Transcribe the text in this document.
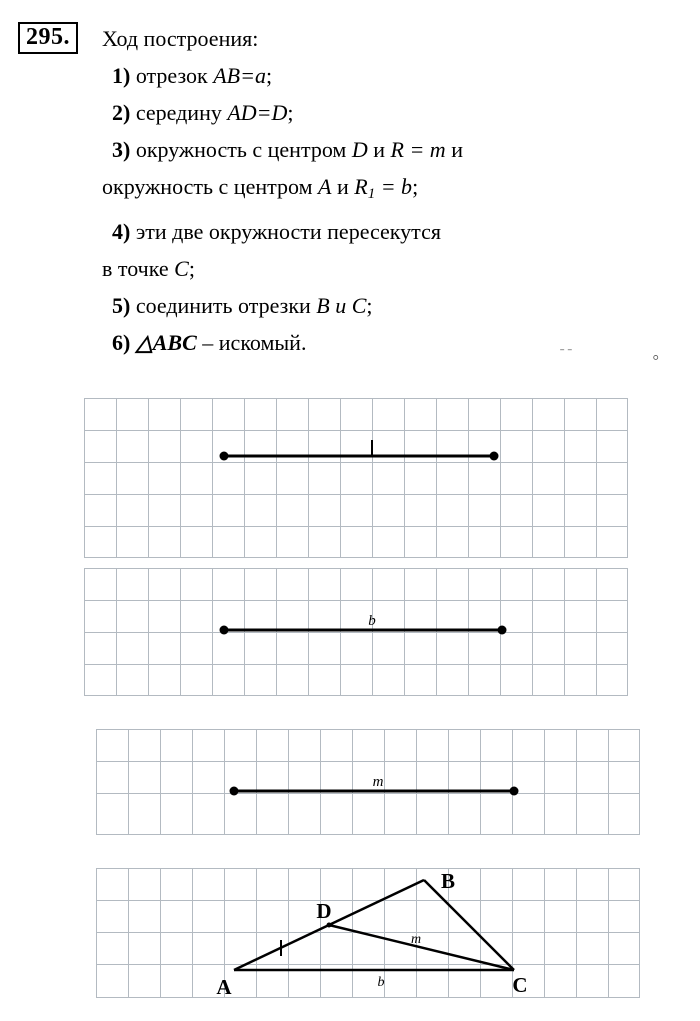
295.	Ход построения:
1) отрезок AB=a;
2) середину AD=D;
3) окружность с центром D и R = m и
окружность с центром A и $R_1 = b$;
4) эти две окружности пересекутся
в точке C;
5) соединить отрезки B и C;
6) △ABC – искомый.	ˉ ˉ	⸰
b
m
D
B
A	C
b
m
